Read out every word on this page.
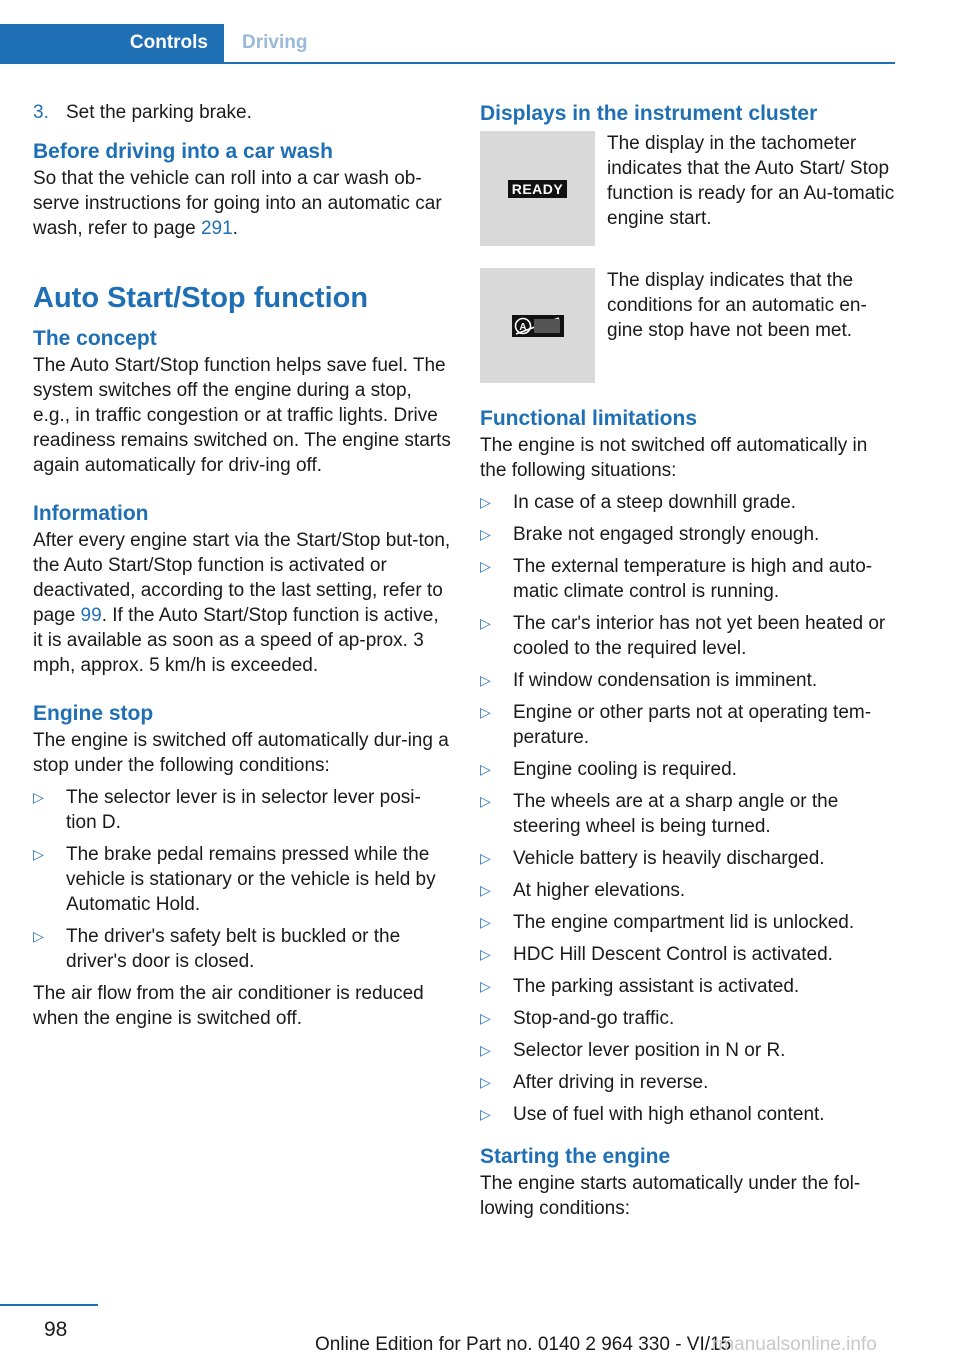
Controls Driving
3. Set the parking brake.
Before driving into a car wash

So that the vehicle can roll into a car wash ob-serve instructions for going into an automatic car wash, refer to page 291.

Auto Start/Stop function
The concept

The Auto Start/Stop function helps save fuel. The system switches off the engine during a stop, e.g., in traffic congestion or at traffic lights. Drive readiness remains switched on. The engine starts again automatically for driv-ing off.

Information

After every engine start via the Start/Stop but-ton, the Auto Start/Stop function is activated or deactivated, according to the last setting, refer to page 99. If the Auto Start/Stop function is active, it is available as soon as a speed of ap-prox. 3 mph, approx. 5 km/h is exceeded.

Engine stop

The engine is switched off automatically dur-ing a stop under the following conditions:

▷	The selector lever is in selector lever posi-tion D.
▷	The brake pedal remains pressed while the vehicle is stationary or the vehicle is held by Automatic Hold.
▷	The driver's safety belt is buckled or the driver's door is closed.

The air flow from the air conditioner is reduced when the engine is switched off.

Displays in the instrument cluster
READY

The display in the tachometer indicates that the Auto Start/ Stop function is ready for an Au-tomatic engine start.

A

The display indicates that the conditions for an automatic en-gine stop have not been met.

Functional limitations

The engine is not switched off automatically in the following situations:

▷	In case of a steep downhill grade.
▷	Brake not engaged strongly enough.
▷	The external temperature is high and auto-matic climate control is running.
▷	The car's interior has not yet been heated or cooled to the required level.
▷	If window condensation is imminent.
▷	Engine or other parts not at operating tem-perature.
▷	Engine cooling is required.
▷	The wheels are at a sharp angle or the steering wheel is being turned.
▷	Vehicle battery is heavily discharged.
▷	At higher elevations.
▷	The engine compartment lid is unlocked.
▷	HDC Hill Descent Control is activated.
▷	The parking assistant is activated.
▷	Stop-and-go traffic.
▷	Selector lever position in N or R.
▷	After driving in reverse.
▷	Use of fuel with high ethanol content.
Starting the engine

The engine starts automatically under the fol-lowing conditions:

98
Online Edition for Part no. 0140 2 964 330 - VI/15
rmanualsonline.info
